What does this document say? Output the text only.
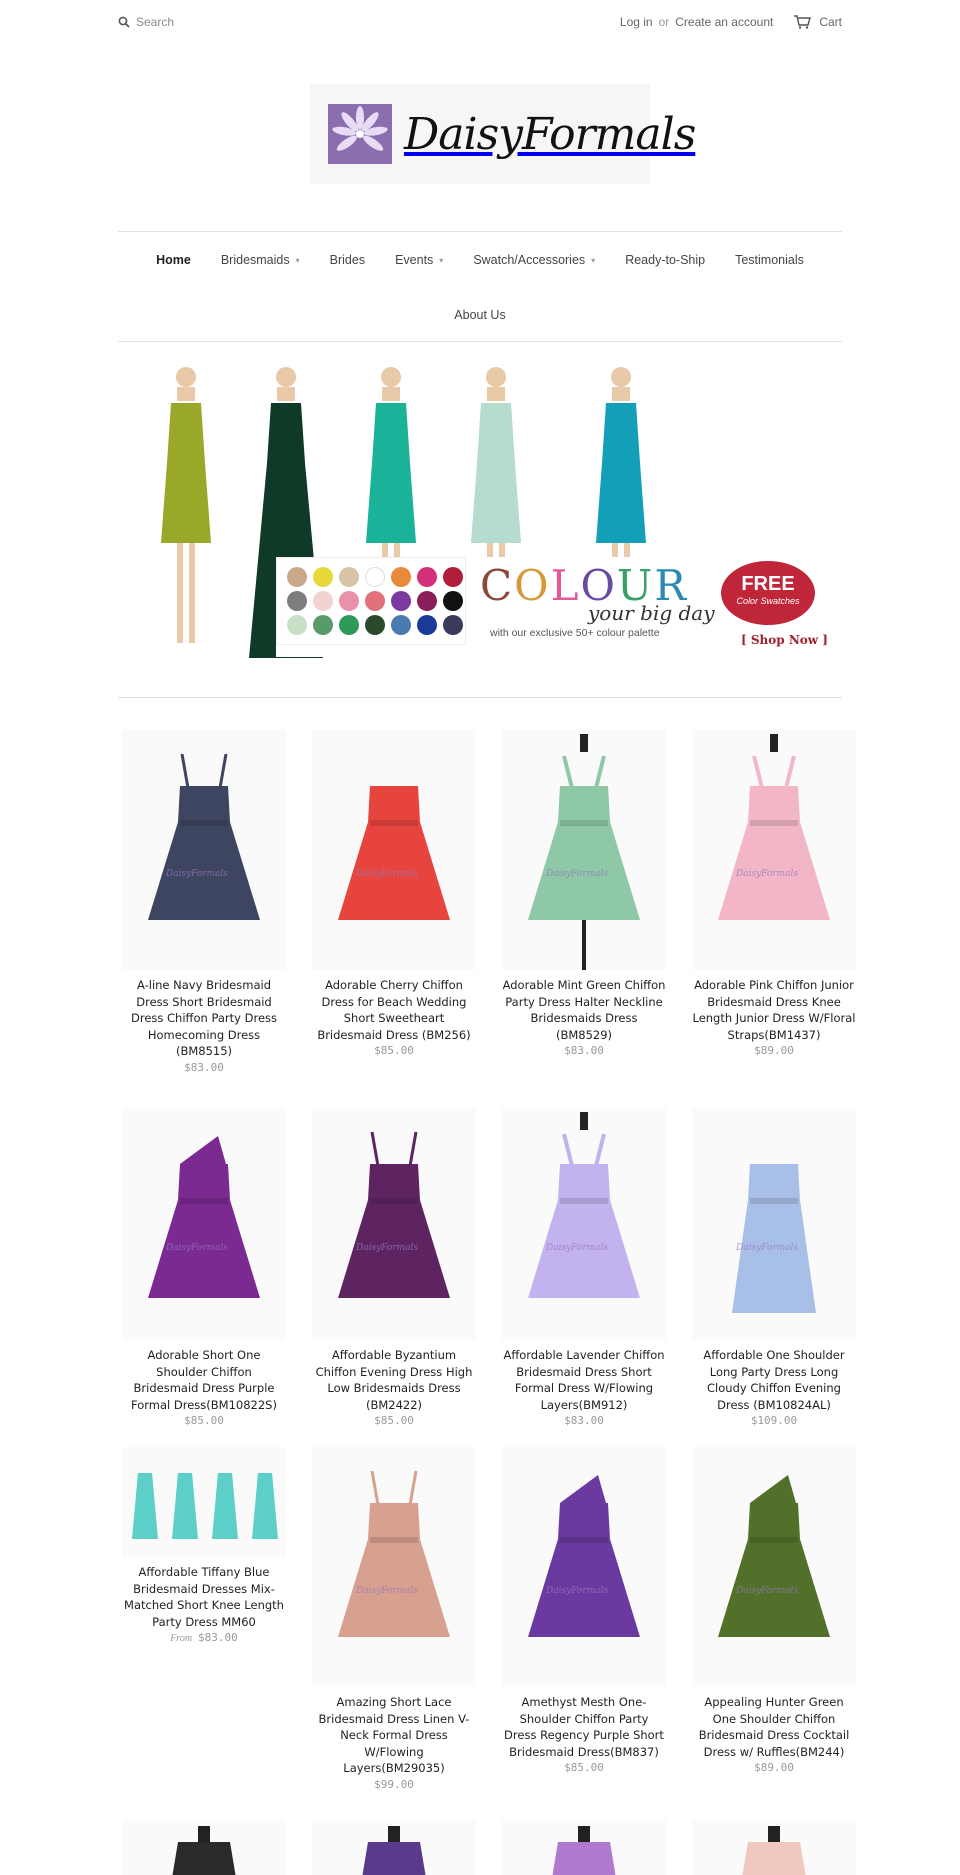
Search
Log in or Create an account	Cart
DaisyFormals
Home Bridesmaids ▾ Brides Events ▾ Swatch/Accessories ▾ Ready-to-Ship Testimonials
About Us
COLOUR
your big day
with our exclusive 50+ colour palette
FREE
Color Swatches
[ Shop Now ]
DaisyFormals
A-line Navy Bridesmaid Dress Short Bridesmaid Dress Chiffon Party Dress Homecoming Dress (BM8515)
$83.00
DaisyFormals
Adorable Cherry Chiffon Dress for Beach Wedding Short Sweetheart Bridesmaid Dress (BM256)
$85.00
DaisyFormals
Adorable Mint Green Chiffon Party Dress Halter Neckline Bridesmaids Dress (BM8529)
$83.00
DaisyFormals
Adorable Pink Chiffon Junior Bridesmaid Dress Knee Length Junior Dress W/Floral Straps(BM1437)
$89.00
DaisyFormals
Adorable Short One Shoulder Chiffon Bridesmaid Dress Purple Formal Dress(BM10822S)
$85.00
DaisyFormals
Affordable Byzantium Chiffon Evening Dress High Low Bridesmaids Dress (BM2422)
$85.00
DaisyFormals
Affordable Lavender Chiffon Bridesmaid Dress Short Formal Dress W/Flowing Layers(BM912)
$83.00
DaisyFormals
Affordable One Shoulder Long Party Dress Long Cloudy Chiffon Evening Dress (BM10824AL)
$109.00
Affordable Tiffany Blue Bridesmaid Dresses Mix-Matched Short Knee Length Party Dress MM60
From $83.00
DaisyFormals
Amazing Short Lace Bridesmaid Dress Linen V-Neck Formal Dress W/Flowing Layers(BM29035)
$99.00
DaisyFormals
Amethyst Mesth One-Shoulder Chiffon Party Dress Regency Purple Short Bridesmaid Dress(BM837)
$85.00
DaisyFormals
Appealing Hunter Green One Shoulder Chiffon Bridesmaid Dress Cocktail Dress w/ Ruffles(BM244)
$89.00
